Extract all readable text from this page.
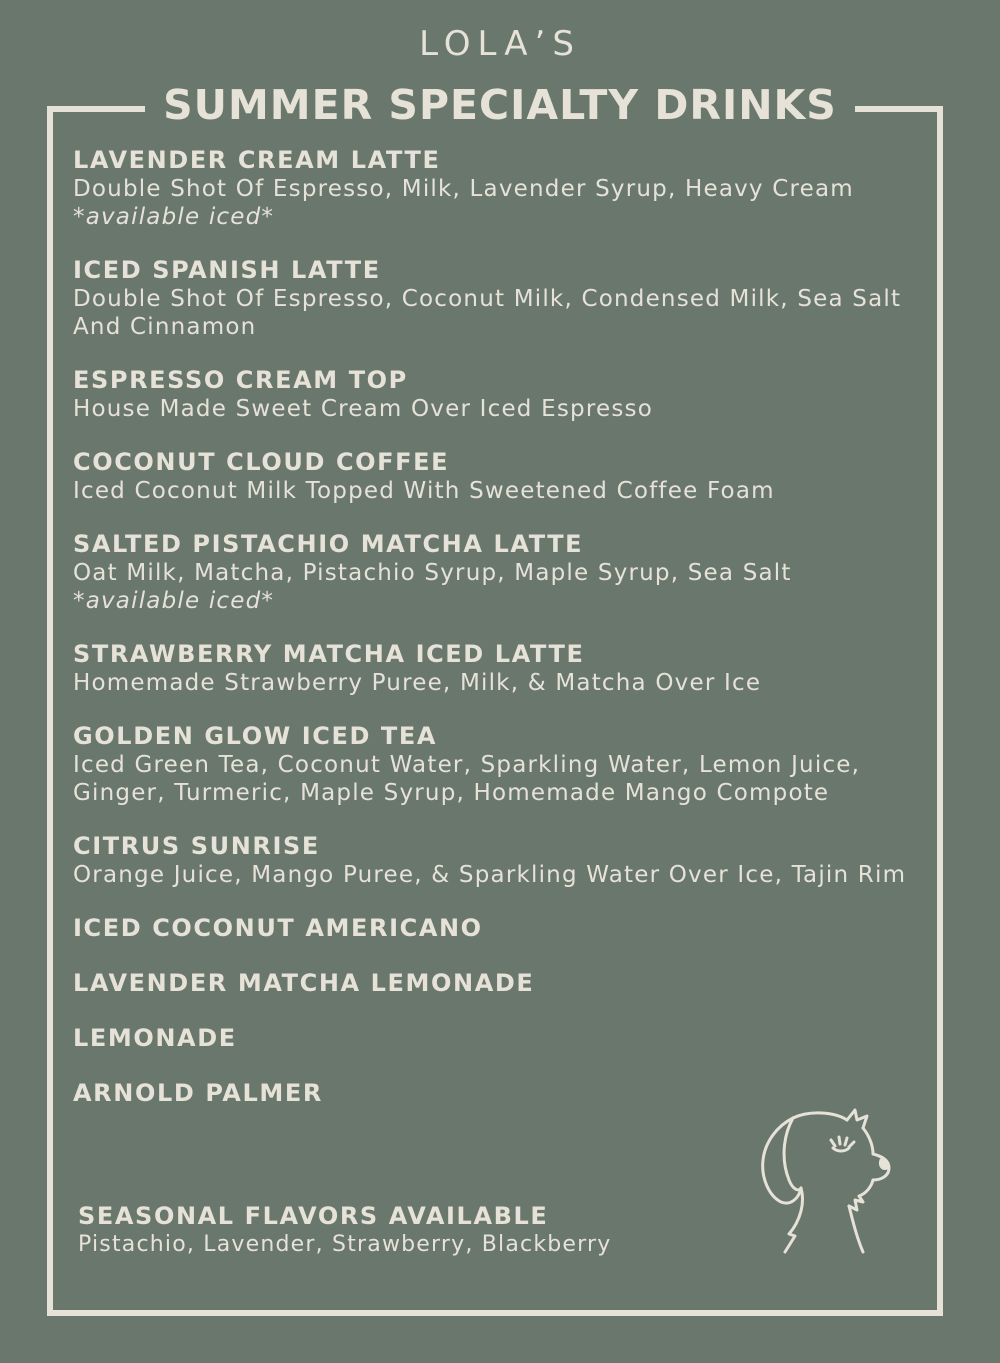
LOLA’S
SUMMER SPECIALTY DRINKS
LAVENDER CREAM LATTE
Double Shot Of Espresso, Milk, Lavender Syrup, Heavy Cream *available iced*
ICED SPANISH LATTE
Double Shot Of Espresso, Coconut Milk, Condensed Milk, Sea Salt And Cinnamon
ESPRESSO CREAM TOP
House Made Sweet Cream Over Iced Espresso
COCONUT CLOUD COFFEE
Iced Coconut Milk Topped With Sweetened Coffee Foam
SALTED PISTACHIO MATCHA LATTE
Oat Milk, Matcha, Pistachio Syrup, Maple Syrup, Sea Salt
*available iced*
STRAWBERRY MATCHA ICED LATTE
Homemade Strawberry Puree, Milk, & Matcha Over Ice
GOLDEN GLOW ICED TEA
Iced Green Tea, Coconut Water, Sparkling Water, Lemon Juice, Ginger, Turmeric, Maple Syrup, Homemade Mango Compote
CITRUS SUNRISE
Orange Juice, Mango Puree, & Sparkling Water Over Ice, Tajin Rim
ICED COCONUT AMERICANO
LAVENDER MATCHA LEMONADE
LEMONADE
ARNOLD PALMER
SEASONAL FLAVORS AVAILABLE
Pistachio, Lavender, Strawberry, Blackberry
